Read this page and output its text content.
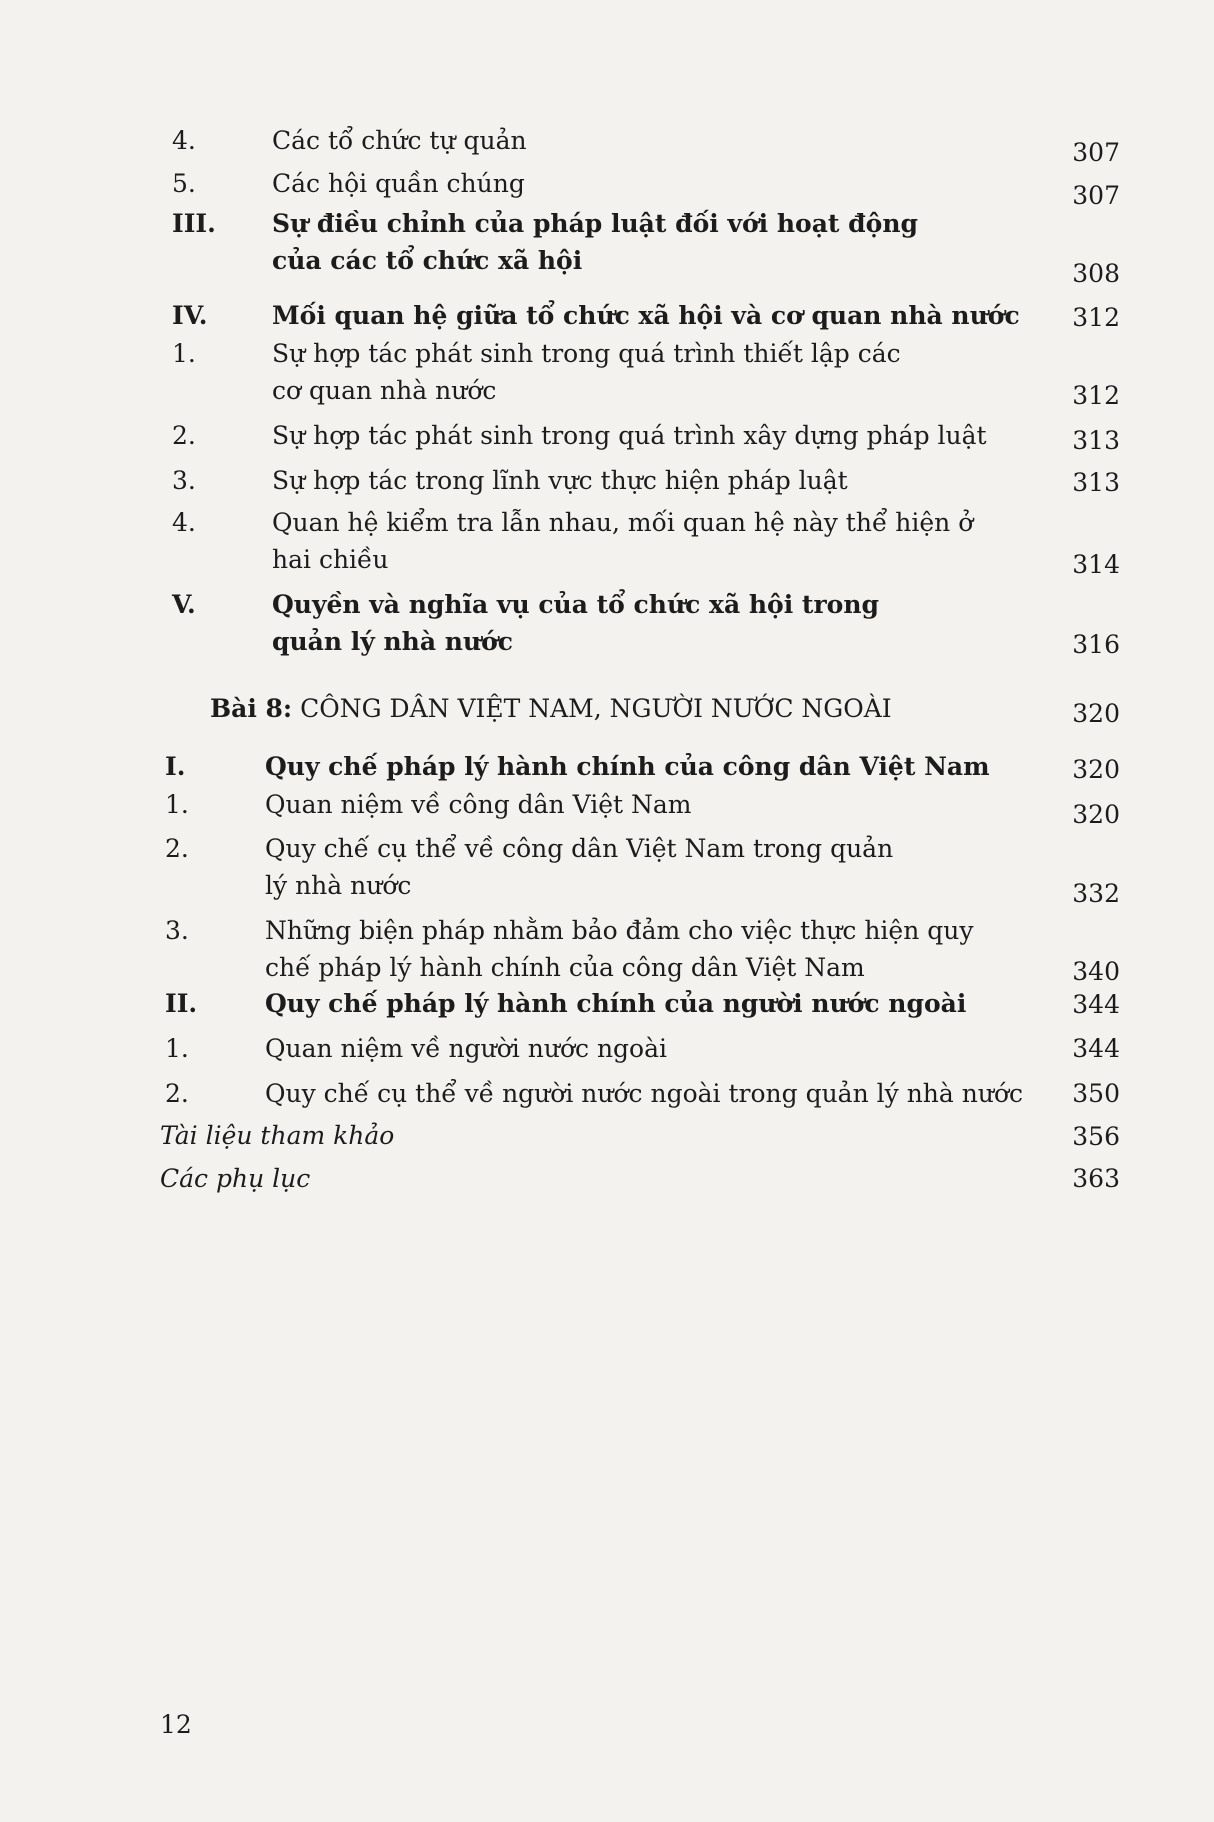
4.	Các tổ chức tự quản	307
5.	Các hội quần chúng	307
III.	Sự điều chỉnh của pháp luật đối với hoạt động của các tổ chức xã hội	308
IV.	Mối quan hệ giữa tổ chức xã hội và cơ quan nhà nước	312
1.	Sự hợp tác phát sinh trong quá trình thiết lập các cơ quan nhà nước	312
2.	Sự hợp tác phát sinh trong quá trình xây dựng pháp luật	313
3.	Sự hợp tác trong lĩnh vực thực hiện pháp luật	313
4.	Quan hệ kiểm tra lẫn nhau, mối quan hệ này thể hiện ở hai chiều	314
V.	Quyền và nghĩa vụ của tổ chức xã hội trong quản lý nhà nước	316
Bài 8: CÔNG DÂN VIỆT NAM, NGƯỜI NƯỚC NGOÀI	320
I.	Quy chế pháp lý hành chính của công dân Việt Nam	320
1.	Quan niệm về công dân Việt Nam	320
2.	Quy chế cụ thể về công dân Việt Nam trong quản lý nhà nước	332
3.	Những biện pháp nhằm bảo đảm cho việc thực hiện quy chế pháp lý hành chính của công dân Việt Nam	340
II.	Quy chế pháp lý hành chính của người nước ngoài	344
1.	Quan niệm về người nước ngoài	344
2.	Quy chế cụ thể về người nước ngoài trong quản lý nhà nước	350
Tài liệu tham khảo	356
Các phụ lục	363
12
